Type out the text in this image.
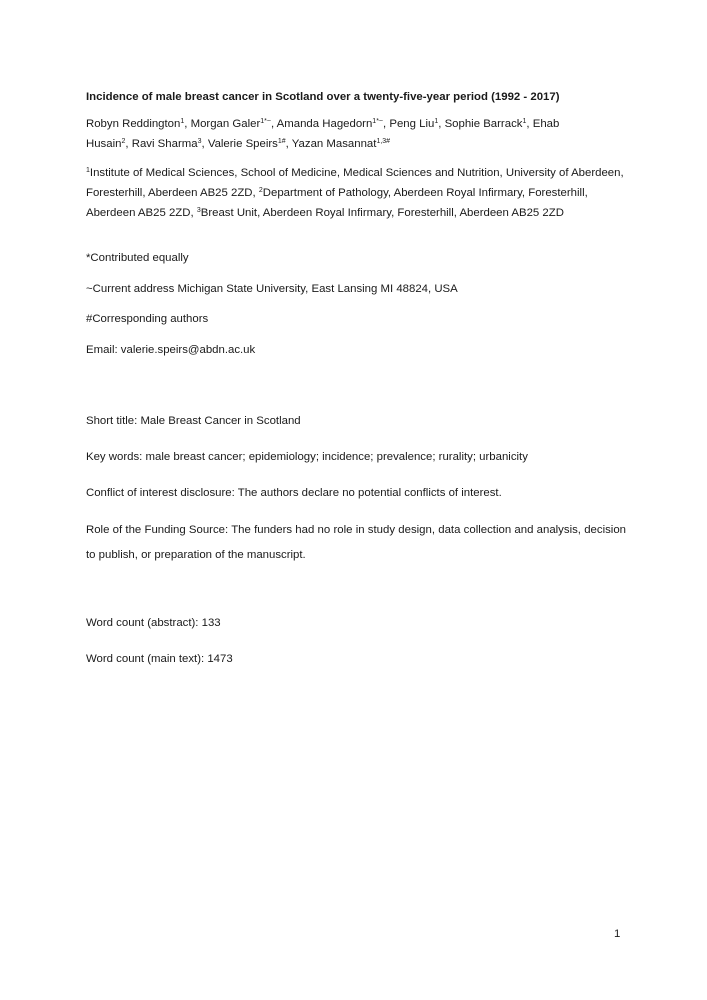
Incidence of male breast cancer in Scotland over a twenty-five-year period (1992 - 2017)
Robyn Reddington$^1$, Morgan Galer$^{1*\sim}$, Amanda Hagedorn$^{1*\sim}$, Peng Liu$^1$, Sophie Barrack$^1$, Ehab Husain$^2$, Ravi Sharma$^3$, Valerie Speirs$^{1\#}$, Yazan Masannat$^{1,3\#}$
$^1$Institute of Medical Sciences, School of Medicine, Medical Sciences and Nutrition, University of Aberdeen, Foresterhill, Aberdeen AB25 2ZD, $^2$Department of Pathology, Aberdeen Royal Infirmary, Foresterhill, Aberdeen AB25 2ZD, $^3$Breast Unit, Aberdeen Royal Infirmary, Foresterhill, Aberdeen AB25 2ZD
*Contributed equally
~Current address Michigan State University, East Lansing MI 48824, USA
#Corresponding authors
Email: valerie.speirs@abdn.ac.uk
Short title: Male Breast Cancer in Scotland
Key words: male breast cancer; epidemiology; incidence; prevalence; rurality; urbanicity
Conflict of interest disclosure: The authors declare no potential conflicts of interest.
Role of the Funding Source: The funders had no role in study design, data collection and analysis, decision to publish, or preparation of the manuscript.
Word count (abstract): 133
Word count (main text): 1473
1
